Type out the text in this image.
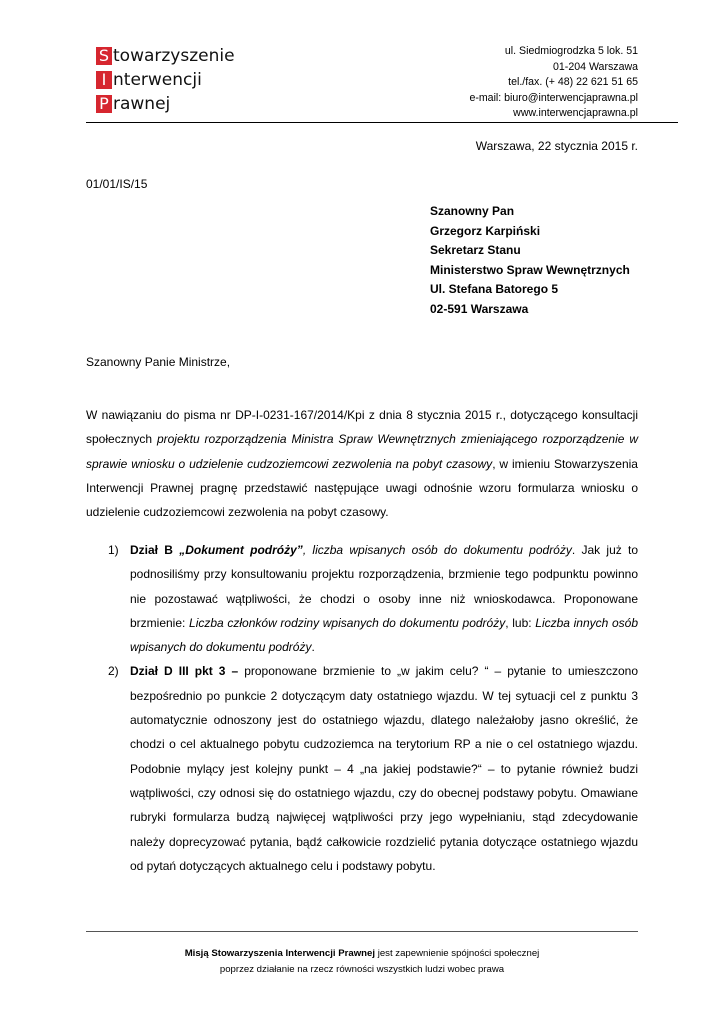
S towarzyszenie
I nterwencji
P rawnej
ul. Siedmiogrodzka 5 lok. 51
01-204 Warszawa
tel./fax. (+ 48) 22 621 51 65
e-mail: biuro@interwencjaprawna.pl
www.interwencjaprawna.pl
Warszawa, 22 stycznia 2015 r.
01/01/IS/15
Szanowny Pan
Grzegorz Karpiński
Sekretarz Stanu
Ministerstwo Spraw Wewnętrznych
Ul. Stefana Batorego 5
02-591 Warszawa
Szanowny Panie Ministrze,
W nawiązaniu do pisma nr DP-I-0231-167/2014/Kpi z dnia 8 stycznia 2015 r., dotyczącego konsultacji społecznych projektu rozporządzenia Ministra Spraw Wewnętrznych zmieniającego rozporządzenie w sprawie wniosku o udzielenie cudzoziemcowi zezwolenia na pobyt czasowy, w imieniu Stowarzyszenia Interwencji Prawnej pragnę przedstawić następujące uwagi odnośnie wzoru formularza wniosku o udzielenie cudzoziemcowi zezwolenia na pobyt czasowy.
1) Dział B „Dokument podróży”, liczba wpisanych osób do dokumentu podróży. Jak już to podnosiliśmy przy konsultowaniu projektu rozporządzenia, brzmienie tego podpunktu powinno nie pozostawać wątpliwości, że chodzi o osoby inne niż wnioskodawca. Proponowane brzmienie: Liczba członków rodziny wpisanych do dokumentu podróży, lub: Liczba innych osób wpisanych do dokumentu podróży.
2) Dział D III pkt 3 – proponowane brzmienie to „w jakim celu? “ – pytanie to umieszczono bezpośrednio po punkcie 2 dotyczącym daty ostatniego wjazdu. W tej sytuacji cel z punktu 3 automatycznie odnoszony jest do ostatniego wjazdu, dlatego należałoby jasno określić, że chodzi o cel aktualnego pobytu cudzoziemca na terytorium RP a nie o cel ostatniego wjazdu. Podobnie mylący jest kolejny punkt – 4 „na jakiej podstawie?“ – to pytanie również budzi wątpliwości, czy odnosi się do ostatniego wjazdu, czy do obecnej podstawy pobytu. Omawiane rubryki formularza budzą najwięcej wątpliwości przy jego wypełnianiu, stąd zdecydowanie należy doprecyzować pytania, bądź całkowicie rozdzielić pytania dotyczące ostatniego wjazdu od pytań dotyczących aktualnego celu i podstawy pobytu.
Misją Stowarzyszenia Interwencji Prawnej jest zapewnienie spójności społecznej
poprzez działanie na rzecz równości wszystkich ludzi wobec prawa
